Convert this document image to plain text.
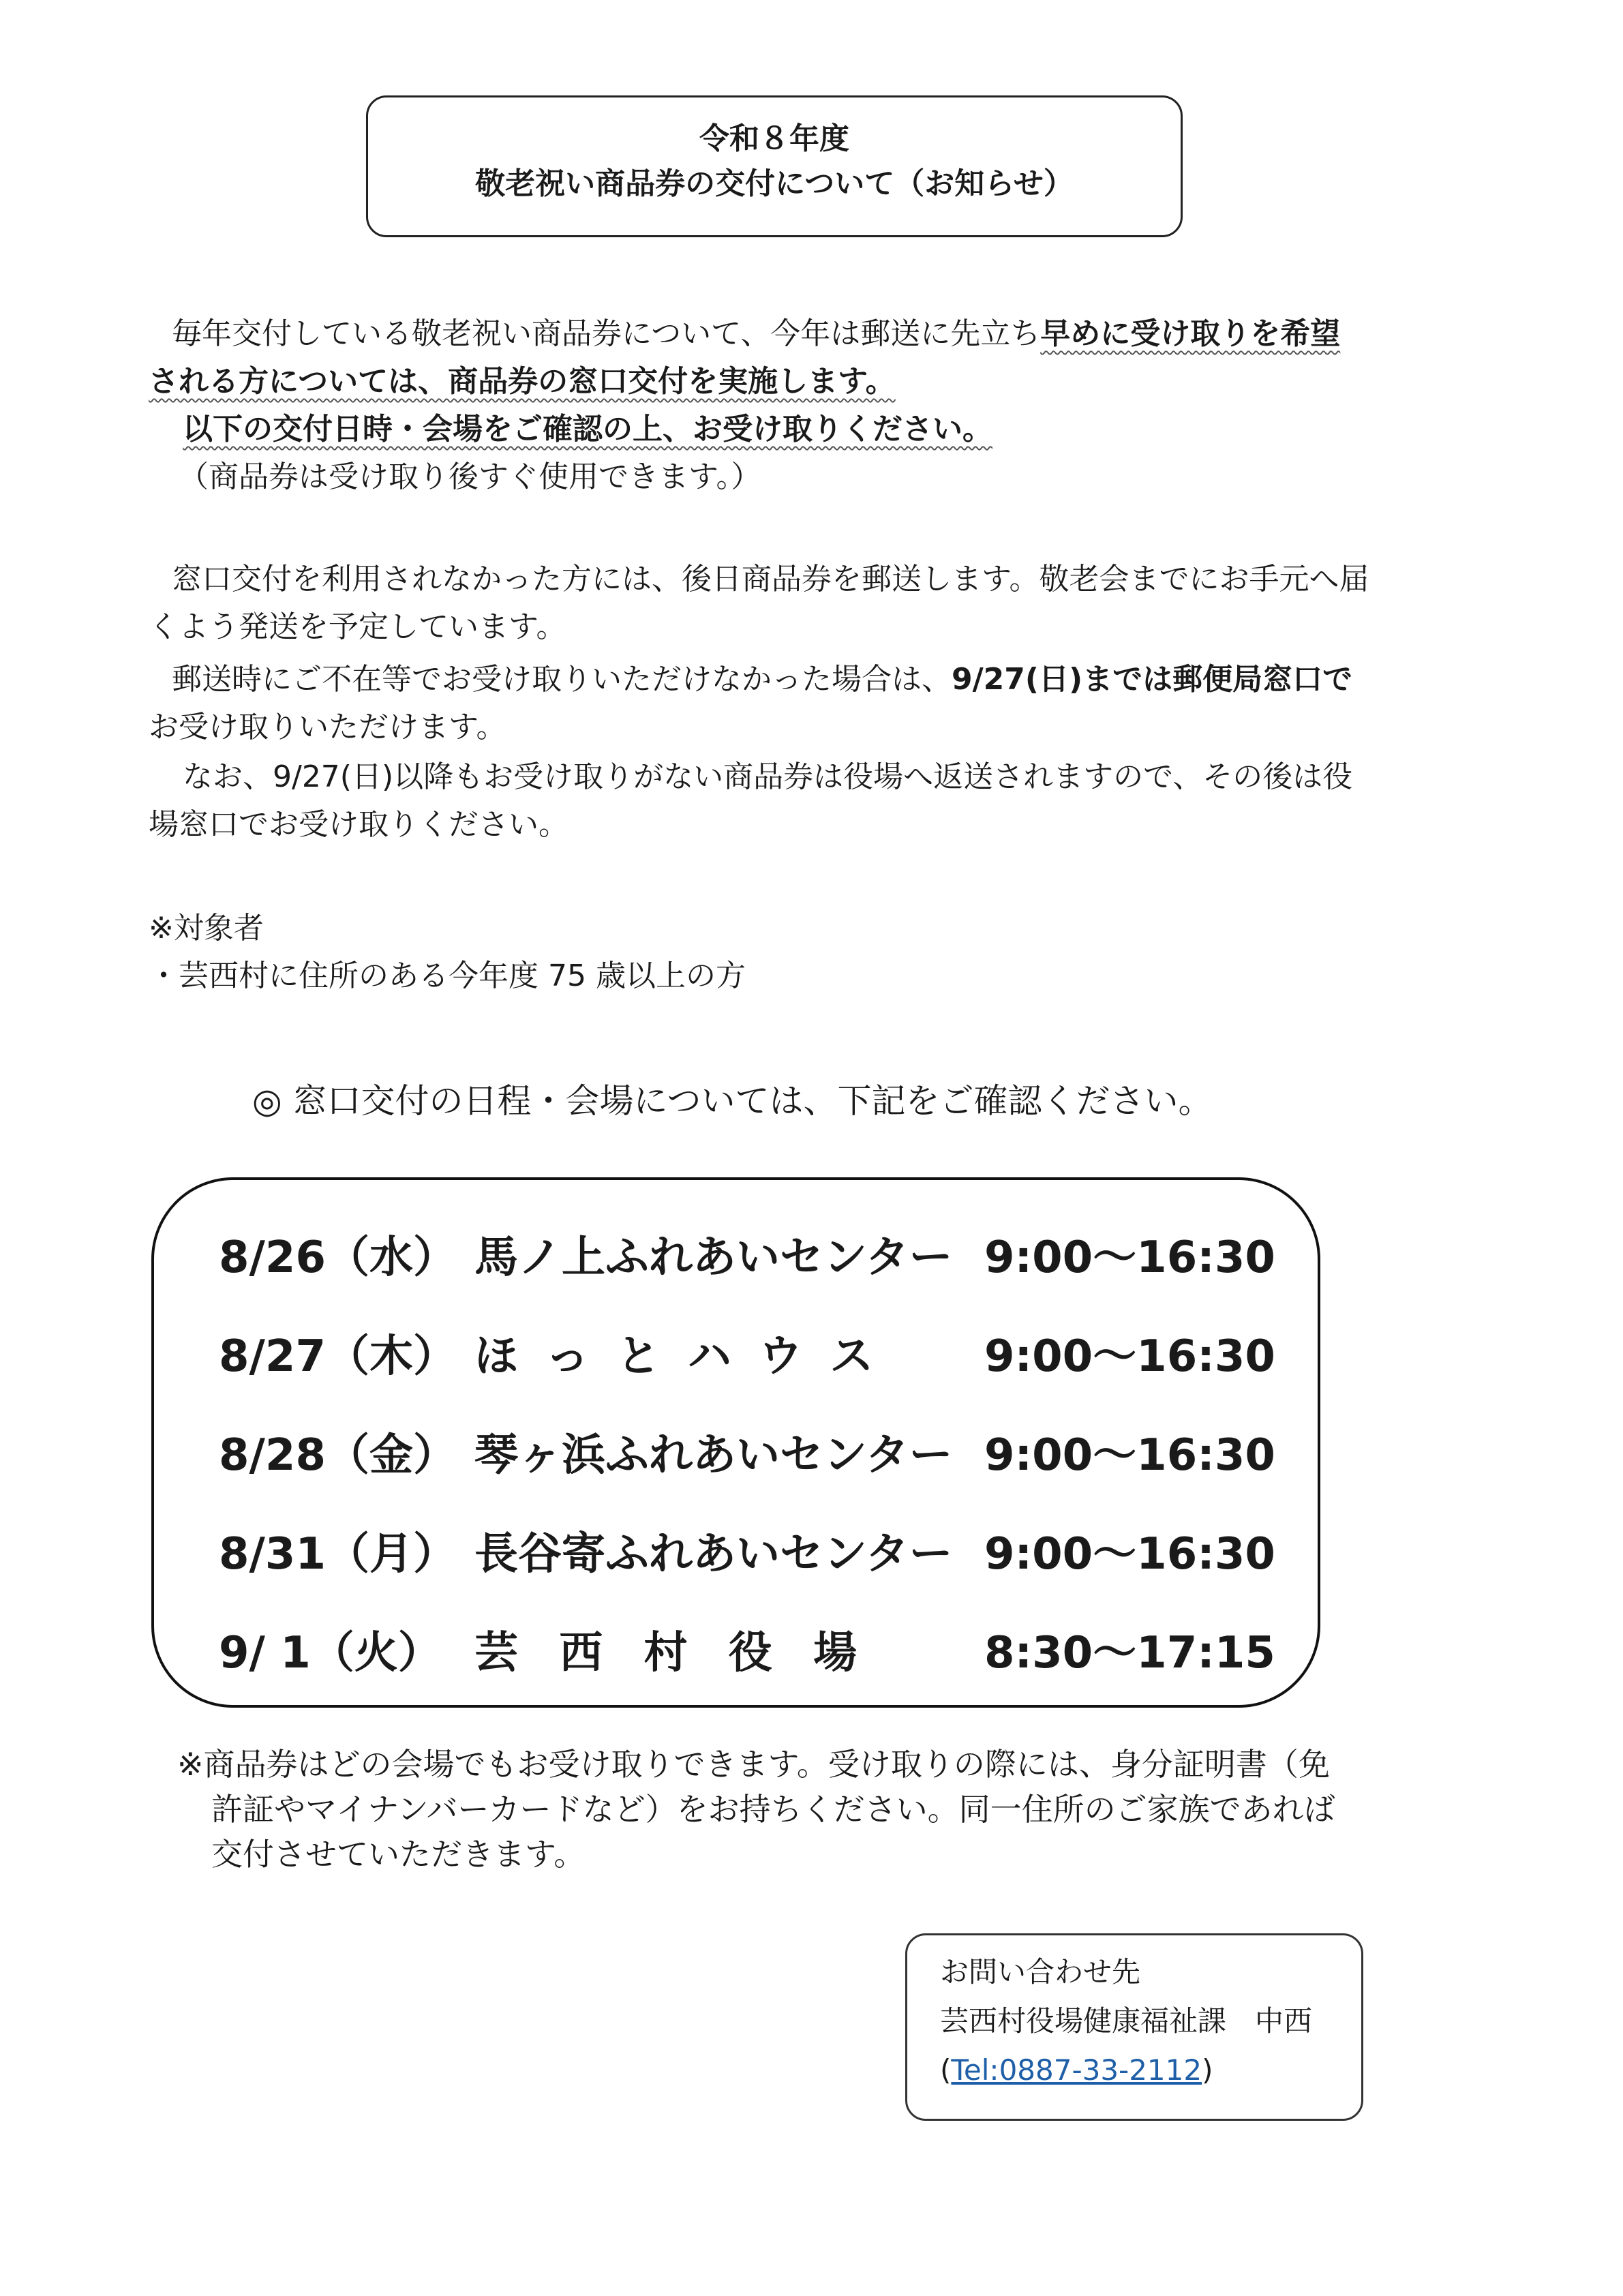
令和８年度
敬老祝い商品券の交付について（お知らせ）
毎年交付している敬老祝い商品券について、今年は郵送に先立ち早めに受け取りを希望
される方については、商品券の窓口交付を実施します。
以下の交付日時・会場をご確認の上、お受け取りください。
（商品券は受け取り後すぐ使用できます。）
窓口交付を利用されなかった方には、後日商品券を郵送します。敬老会までにお手元へ届
くよう発送を予定しています。
郵送時にご不在等でお受け取りいただけなかった場合は、9/27(日)までは郵便局窓口で
お受け取りいただけます。
なお、9/27(日)以降もお受け取りがない商品券は役場へ返送されますので、その後は役
場窓口でお受け取りください。
※対象者
・芸西村に住所のある今年度 75 歳以上の方
◎ 窓口交付の日程・会場については、下記をご確認ください。
8/26（水） 馬ノ上ふれあいセンター 9:00～16:30
8/27（木） ほ っ と ハ ウ ス	9:00～16:30
8/28（金） 琴ヶ浜ふれあいセンター 9:00～16:30
8/31（月） 長谷寄ふれあいセンター 9:00～16:30
9/ 1（火） 芸 西 村 役 場	8:30～17:15
※商品券はどの会場でもお受け取りできます。受け取りの際には、身分証明書（免
許証やマイナンバーカードなど）をお持ちください。同一住所のご家族であれば
交付させていただきます。
お問い合わせ先
芸西村役場健康福祉課　中西
(Tel:0887-33-2112)
